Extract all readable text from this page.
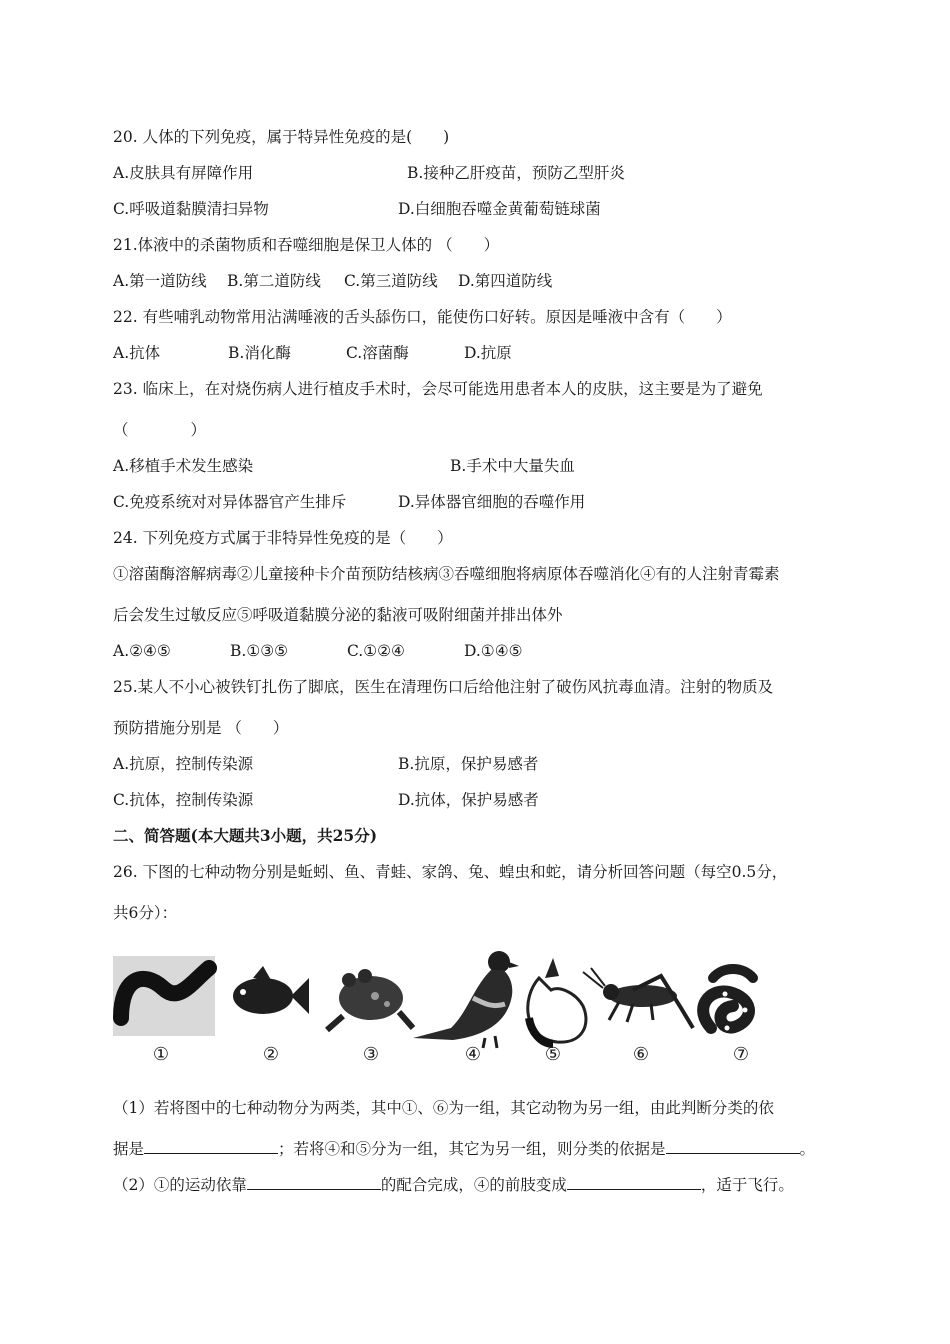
20. 人体的下列免疫，属于特异性免疫的是(　　)
A.皮肤具有屏障作用	B.接种乙肝疫苗，预防乙型肝炎
C.呼吸道黏膜清扫异物	D.白细胞吞噬金黄葡萄链球菌
21.体液中的杀菌物质和吞噬细胞是保卫人体的 （　　）
A.第一道防线 B.第二道防线 C.第三道防线 D.第四道防线
22. 有些哺乳动物常用沾满唾液的舌头舔伤口，能使伤口好转。原因是唾液中含有（　　）
A.抗体	B.消化酶	C.溶菌酶	D.抗原
23. 临床上，在对烧伤病人进行植皮手术时，会尽可能选用患者本人的皮肤，这主要是为了避免
（　　　　）
A.移植手术发生感染	B.手术中大量失血
C.免疫系统对对异体器官产生排斥	D.异体器官细胞的吞噬作用
24. 下列免疫方式属于非特异性免疫的是（　　）
①溶菌酶溶解病毒②儿童接种卡介苗预防结核病③吞噬细胞将病原体吞噬消化④有的人注射青霉素
后会发生过敏反应⑤呼吸道黏膜分泌的黏液可吸附细菌并排出体外
A.②④⑤	B.①③⑤	C.①②④	D.①④⑤
25.某人不小心被铁钉扎伤了脚底，医生在清理伤口后给他注射了破伤风抗毒血清。注射的物质及
预防措施分别是 （　　）
A.抗原，控制传染源	B.抗原，保护易感者
C.抗体，控制传染源	D.抗体，保护易感者
二、简答题(本大题共3小题，共25分)
26. 下图的七种动物分别是蚯蚓、鱼、青蛙、家鸽、兔、蝗虫和蛇，请分析回答问题（每空0.5分，
共6分）：
①	②	③	④	⑤	⑥	⑦
（1）若将图中的七种动物分为两类，其中①、⑥为一组，其它动物为另一组，由此判断分类的依
据是	；若将④和⑤分为一组，其它为另一组，则分类的依据是	。
（2）①的运动依靠	的配合完成，④的前肢变成	，适于飞行。
